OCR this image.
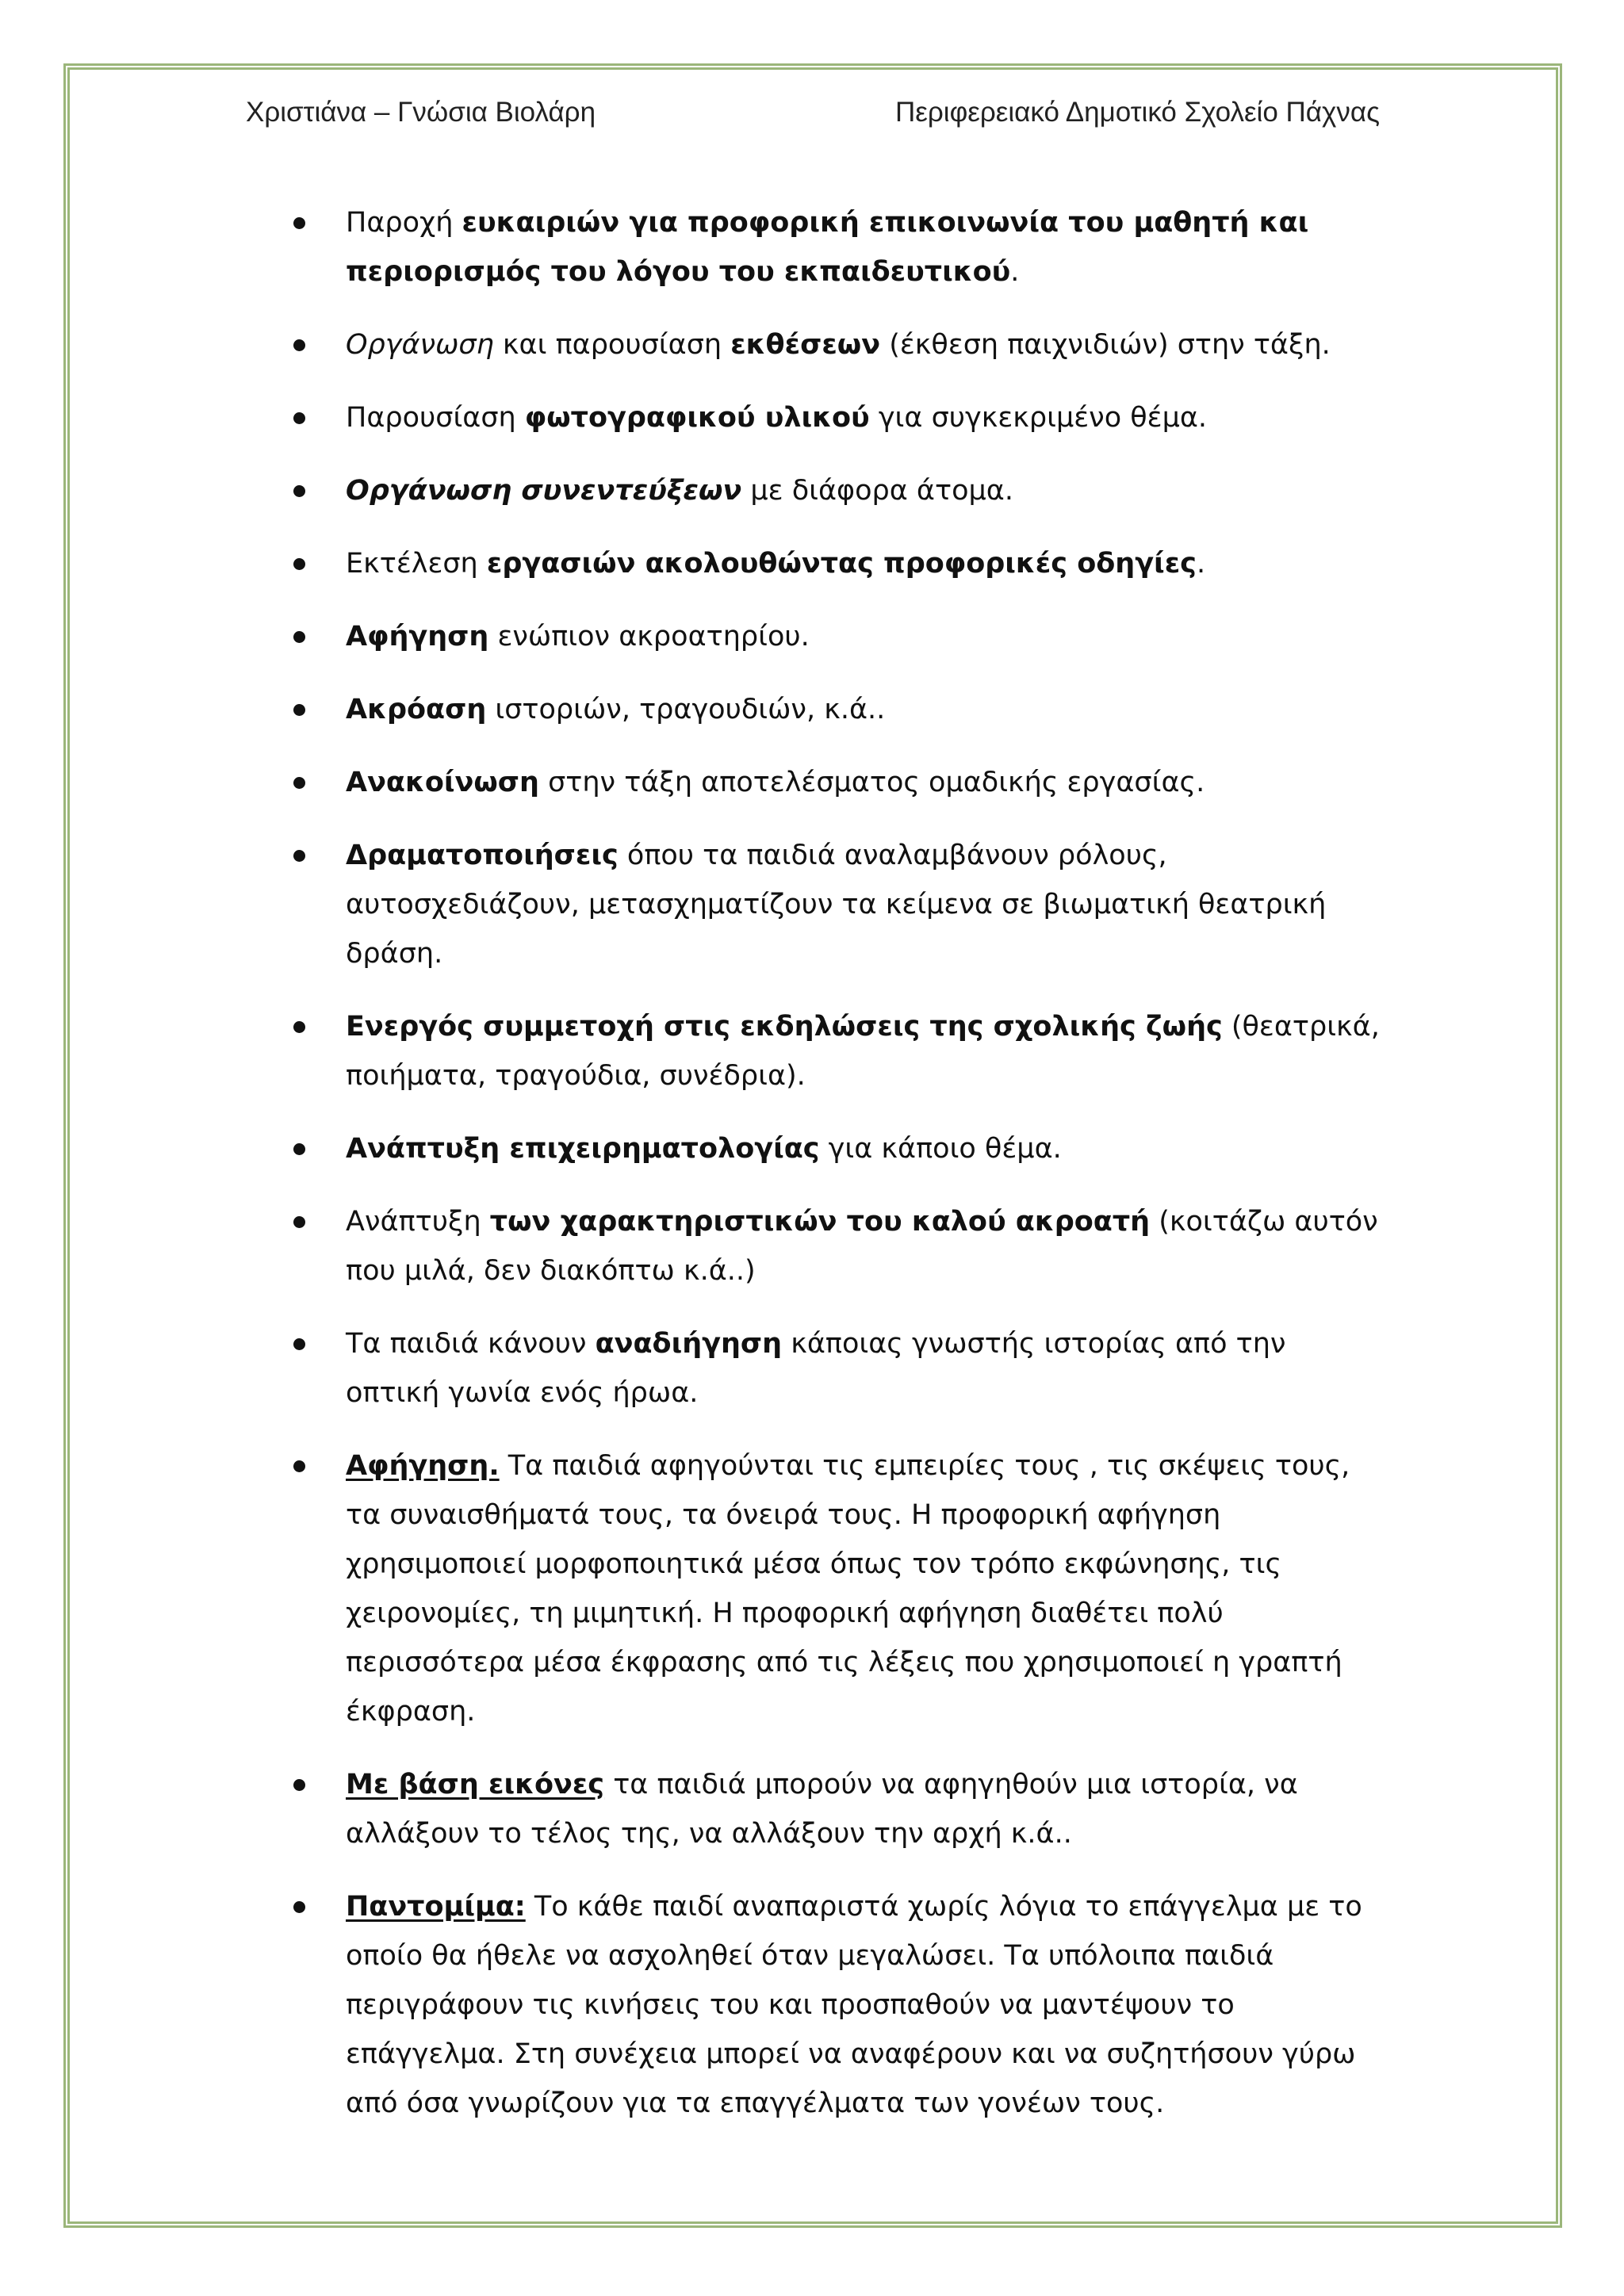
Χριστιάνα – Γνώσια Βιολάρη	Περιφερειακό Δημοτικό Σχολείο Πάχνας
Παροχή ευκαιριών για προφορική επικοινωνία του μαθητή και περιορισμός του λόγου του εκπαιδευτικού.
Οργάνωση και παρουσίαση εκθέσεων (έκθεση παιχνιδιών) στην τάξη.
Παρουσίαση φωτογραφικού υλικού για συγκεκριμένο θέμα.
Οργάνωση συνεντεύξεων με διάφορα άτομα.
Εκτέλεση εργασιών ακολουθώντας προφορικές οδηγίες.
Αφήγηση ενώπιον ακροατηρίου.
Ακρόαση ιστοριών, τραγουδιών, κ.ά..
Ανακοίνωση στην τάξη αποτελέσματος ομαδικής εργασίας.
Δραματοποιήσεις όπου τα παιδιά αναλαμβάνουν ρόλους, αυτοσχεδιάζουν, μετασχηματίζουν τα κείμενα σε βιωματική θεατρική δράση.
Ενεργός συμμετοχή στις εκδηλώσεις της σχολικής ζωής (θεατρικά, ποιήματα, τραγούδια, συνέδρια).
Ανάπτυξη επιχειρηματολογίας για κάποιο θέμα.
Ανάπτυξη των χαρακτηριστικών του καλού ακροατή (κοιτάζω αυτόν που μιλά, δεν διακόπτω κ.ά..)
Τα παιδιά κάνουν αναδιήγηση κάποιας γνωστής ιστορίας από την οπτική γωνία ενός ήρωα.
Αφήγηση. Τα παιδιά αφηγούνται τις εμπειρίες τους , τις σκέψεις τους, τα συναισθήματά τους, τα όνειρά τους. Η προφορική αφήγηση χρησιμοποιεί μορφοποιητικά μέσα όπως τον τρόπο εκφώνησης, τις χειρονομίες, τη μιμητική. Η προφορική αφήγηση διαθέτει πολύ περισσότερα μέσα έκφρασης από τις λέξεις που χρησιμοποιεί η γραπτή έκφραση.
Με βάση εικόνες τα παιδιά μπορούν να αφηγηθούν μια ιστορία, να αλλάξουν το τέλος της, να αλλάξουν την αρχή κ.ά..
Παντομίμα: Το κάθε παιδί αναπαριστά χωρίς λόγια το επάγγελμα με το οποίο θα ήθελε να ασχοληθεί όταν μεγαλώσει. Τα υπόλοιπα παιδιά περιγράφουν τις κινήσεις του και προσπαθούν να μαντέψουν το επάγγελμα. Στη συνέχεια μπορεί να αναφέρουν και να συζητήσουν γύρω από όσα γνωρίζουν για τα επαγγέλματα των γονέων τους.
